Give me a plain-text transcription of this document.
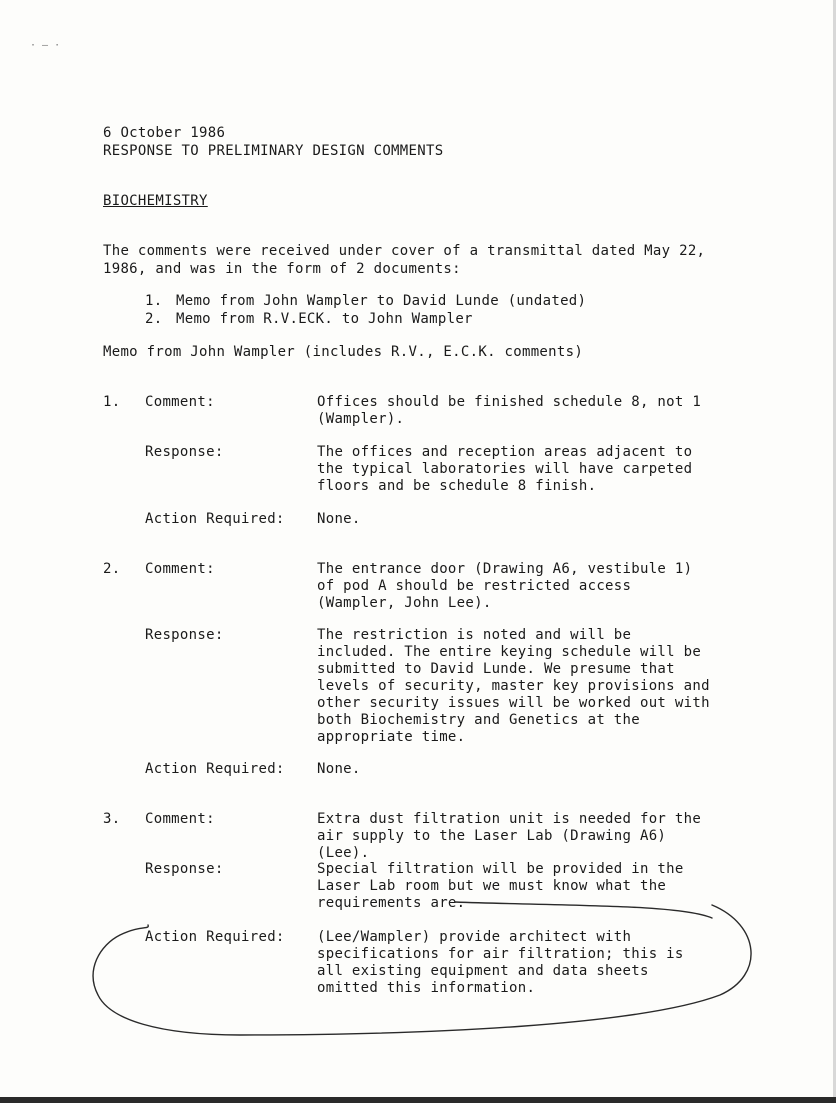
· – ·
6 October 1986
RESPONSE TO PRELIMINARY DESIGN COMMENTS
BIOCHEMISTRY
The comments were received under cover of a transmittal dated May 22,
1986, and was in the form of 2 documents:
1. Memo from John Wampler to David Lunde (undated)
2. Memo from R.V.ECK. to John Wampler
Memo from John Wampler (includes R.V., E.C.K. comments)
1. Comment:	Offices should be finished schedule 8, not 1 (Wampler).
Response:	The offices and reception areas adjacent to the typical laboratories will have carpeted floors and be schedule 8 finish.
Action Required: None.
2. Comment:	The entrance door (Drawing A6, vestibule 1) of pod A should be restricted access (Wampler, John Lee).
Response:	The restriction is noted and will be included. The entire keying schedule will be submitted to David Lunde. We presume that levels of security, master key provisions and other security issues will be worked out with both Biochemistry and Genetics at the appropriate time.
Action Required: None.
3. Comment:	Extra dust filtration unit is needed for the air supply to the Laser Lab (Drawing A6) (Lee).
Response:	Special filtration will be provided in the Laser Lab room but we must know what the requirements are.
Action Required: (Lee/Wampler) provide architect with specifications for air filtration; this is all existing equipment and data sheets omitted this information.
